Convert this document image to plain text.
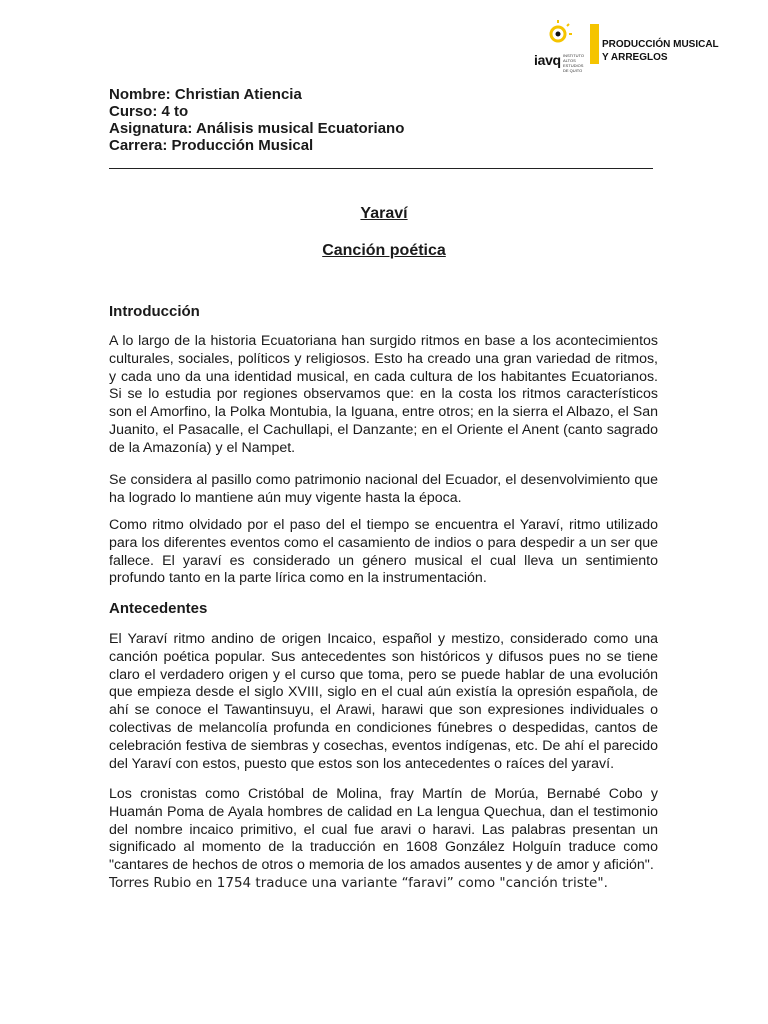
iavq INSTITUTO ALTOS ESTUDIOS DE QUITO
PRODUCCIÓN MUSICAL
Y ARREGLOS
Nombre: Christian Atiencia
Curso: 4 to
Asignatura: Análisis musical Ecuatoriano
Carrera: Producción Musical
Yaraví
Canción poética
Introducción
A lo largo de la historia Ecuatoriana han surgido ritmos en base a los acontecimientos culturales, sociales, políticos y religiosos. Esto ha creado una gran variedad de ritmos, y cada uno da una identidad musical, en cada cultura de los habitantes Ecuatorianos. Si se lo estudia por regiones observamos que: en la costa los ritmos característicos son el Amorfino, la Polka Montubia, la Iguana, entre otros; en la sierra el Albazo, el San Juanito, el Pasacalle, el Cachullapi, el Danzante; en el Oriente el Anent (canto sagrado de la Amazonía) y el Nampet.
Se considera al pasillo como patrimonio nacional del Ecuador, el desenvolvimiento que ha logrado lo mantiene aún muy vigente hasta la época.
Como ritmo olvidado por el paso del el tiempo se encuentra el Yaraví, ritmo utilizado para los diferentes eventos como el casamiento de indios o para despedir a un ser que fallece. El yaraví es considerado un género musical el cual lleva un sentimiento profundo tanto en la parte lírica como en la instrumentación.
Antecedentes
El Yaraví ritmo andino de origen Incaico, español y mestizo, considerado como una canción poética popular. Sus antecedentes son históricos y difusos pues no se tiene claro el verdadero origen y el curso que toma, pero se puede hablar de una evolución que empieza desde el siglo XVIII, siglo en el cual aún existía la opresión española, de ahí se conoce el Tawantinsuyu, el Arawi, harawi que son expresiones individuales o colectivas de melancolía profunda en condiciones fúnebres o despedidas, cantos de celebración festiva de siembras y cosechas, eventos indígenas, etc. De ahí el parecido del Yaraví con estos, puesto que estos son los antecedentes o raíces del yaraví.
Los cronistas como Cristóbal de Molina, fray Martín de Morúa, Bernabé Cobo y Huamán Poma de Ayala hombres de calidad en La lengua Quechua, dan el testimonio del nombre incaico primitivo, el cual fue aravi o haravi. Las palabras presentan un significado al momento de la traducción en 1608 González Holguín traduce como "cantares de hechos de otros o memoria de los amados ausentes y de amor y afición".
Torres Rubio en 1754 traduce una variante “faravi” como "canción triste".
